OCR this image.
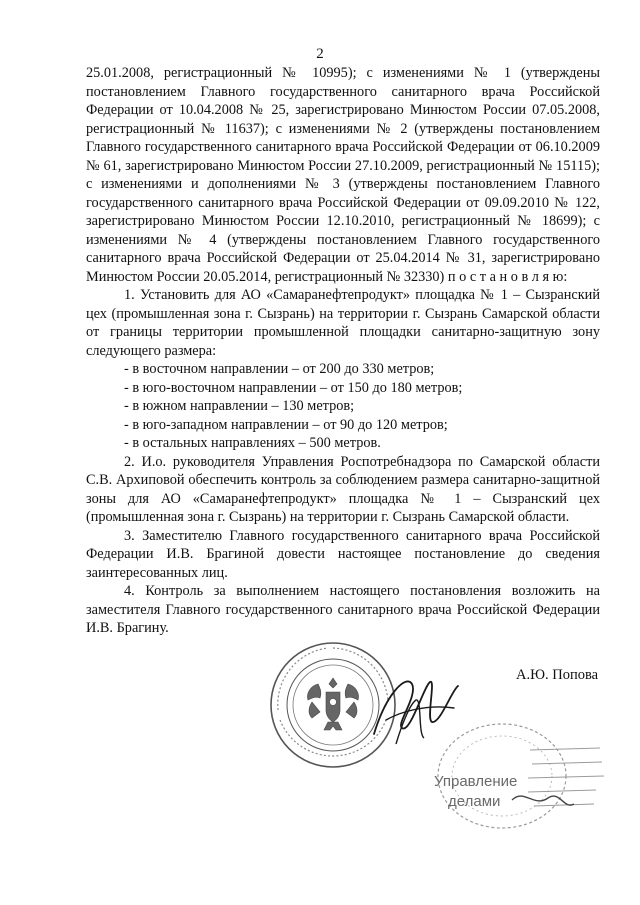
2

25.01.2008, регистрационный № 10995); с изменениями № 1 (утверждены постановлением Главного государственного санитарного врача Российской Федерации от 10.04.2008 № 25, зарегистрировано Минюстом России 07.05.2008, регистрационный № 11637); с изменениями № 2 (утверждены постановлением Главного государственного санитарного врача Российской Федерации от 06.10.2009 № 61, зарегистрировано Минюстом России 27.10.2009, регистрационный № 15115); с изменениями и дополнениями № 3 (утверждены постановлением Главного государственного санитарного врача Российской Федерации от 09.09.2010 № 122, зарегистрировано Минюстом России 12.10.2010, регистрационный № 18699); с изменениями № 4 (утверждены постановлением Главного государственного санитарного врача Российской Федерации от 25.04.2014 № 31, зарегистрировано Минюстом России 20.05.2014, регистрационный № 32330) п о с т а н о в л я ю:

1. Установить для АО «Самаранефтепродукт» площадка № 1 – Сызранский цех (промышленная зона г. Сызрань) на территории г. Сызрань Самарской области от границы территории промышленной площадки санитарно-защитную зону следующего размера:

- в восточном направлении – от 200 до 330 метров;

- в юго-восточном направлении – от 150 до 180 метров;

- в южном направлении – 130 метров;

- в юго-западном направлении – от 90 до 120 метров;

- в остальных направлениях – 500 метров.

2. И.о. руководителя Управления Роспотребнадзора по Самарской области С.В. Архиповой обеспечить контроль за соблюдением размера санитарно-защитной зоны для АО «Самаранефтепродукт» площадка № 1 – Сызранский цех (промышленная зона г. Сызрань) на территории г. Сызрань Самарской области.

3. Заместителю Главного государственного санитарного врача Российской Федерации И.В. Брагиной довести настоящее постановление до сведения заинтересованных лиц.

4. Контроль за выполнением настоящего постановления возложить на заместителя Главного государственного санитарного врача Российской Федерации И.В. Брагину.

А.Ю. Попова
Управление
делами
